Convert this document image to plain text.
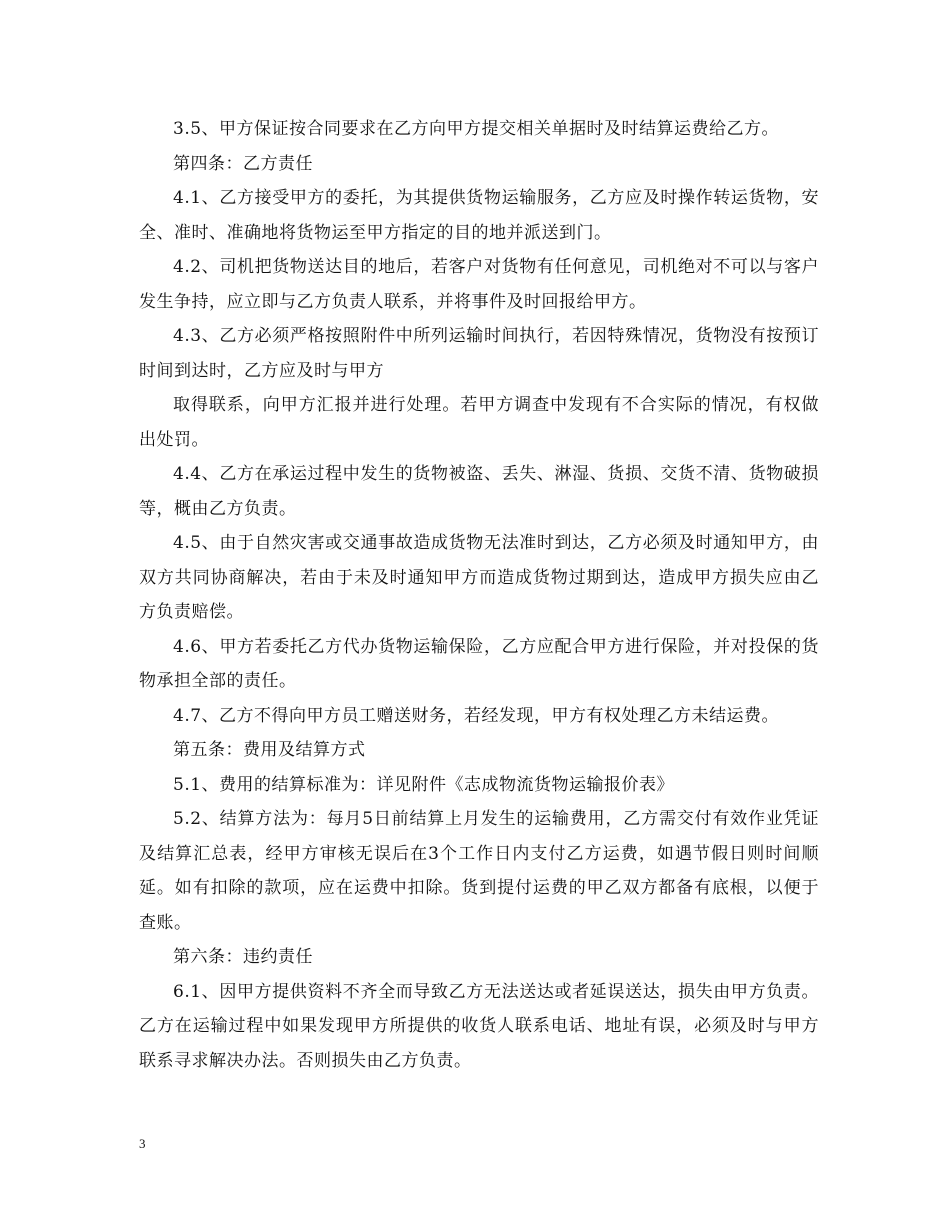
3.5、甲方保证按合同要求在乙方向甲方提交相关单据时及时结算运费给乙方。

第四条：乙方责任

4.1、乙方接受甲方的委托，为其提供货物运输服务，乙方应及时操作转运货物，安全、准时、准确地将货物运至甲方指定的目的地并派送到门。

4.2、司机把货物送达目的地后，若客户对货物有任何意见，司机绝对不可以与客户发生争持，应立即与乙方负责人联系，并将事件及时回报给甲方。

4.3、乙方必须严格按照附件中所列运输时间执行，若因特殊情况，货物没有按预订时间到达时，乙方应及时与甲方

取得联系，向甲方汇报并进行处理。若甲方调查中发现有不合实际的情况，有权做出处罚。

4.4、乙方在承运过程中发生的货物被盗、丢失、淋湿、货损、交货不清、货物破损等，概由乙方负责。

4.5、由于自然灾害或交通事故造成货物无法准时到达，乙方必须及时通知甲方，由双方共同协商解决，若由于未及时通知甲方而造成货物过期到达，造成甲方损失应由乙方负责赔偿。

4.6、甲方若委托乙方代办货物运输保险，乙方应配合甲方进行保险，并对投保的货物承担全部的责任。

4.7、乙方不得向甲方员工赠送财务，若经发现，甲方有权处理乙方未结运费。

第五条：费用及结算方式

5.1、费用的结算标准为：详见附件《志成物流货物运输报价表》

5.2、结算方法为：每月5日前结算上月发生的运输费用，乙方需交付有效作业凭证及结算汇总表，经甲方审核无误后在3个工作日内支付乙方运费，如遇节假日则时间顺延。如有扣除的款项，应在运费中扣除。货到提付运费的甲乙双方都备有底根，以便于查账。

第六条：违约责任

6.1、因甲方提供资料不齐全而导致乙方无法送达或者延误送达，损失由甲方负责。乙方在运输过程中如果发现甲方所提供的收货人联系电话、地址有误，必须及时与甲方联系寻求解决办法。否则损失由乙方负责。

3
